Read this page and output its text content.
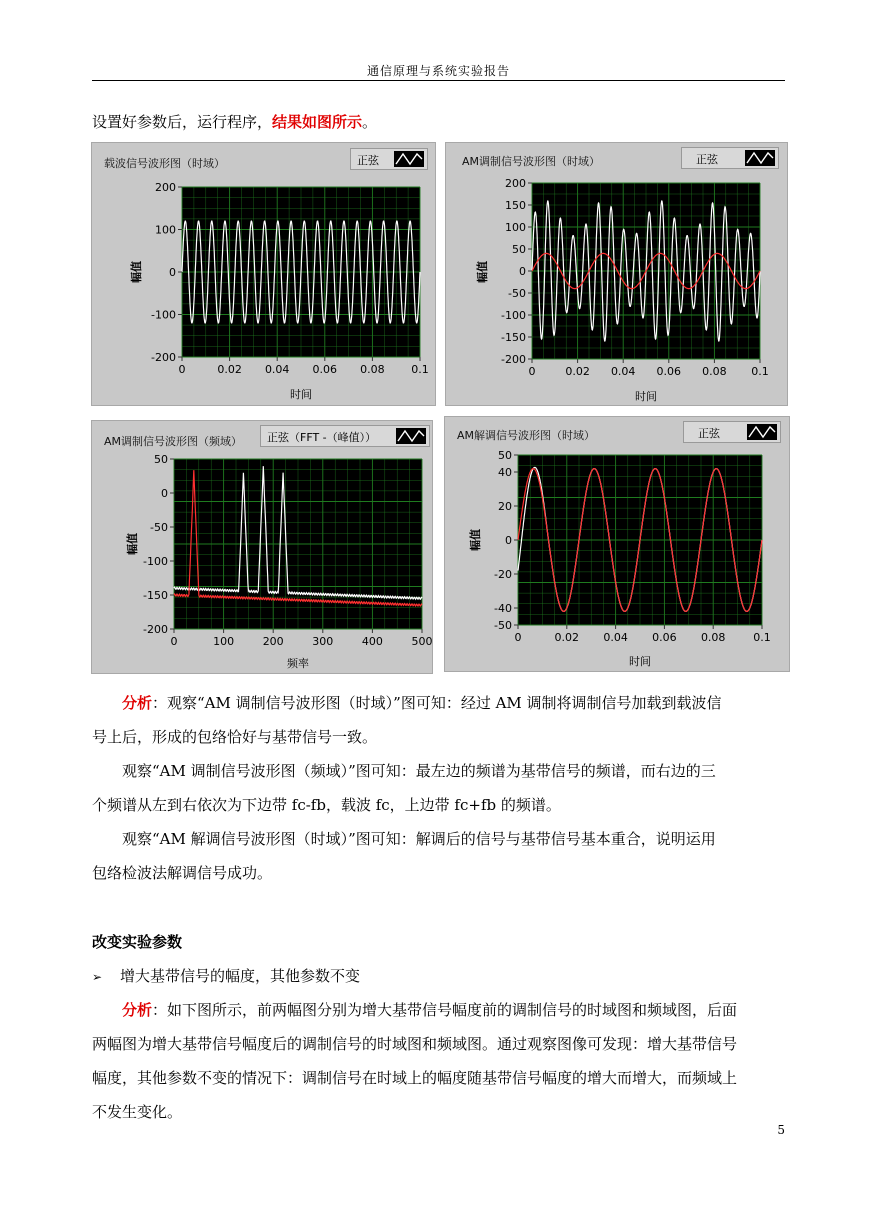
通信原理与系统实验报告
设置好参数后，运行程序，结果如图所示。
载波信号波形图（时域）	正弦
200
100
0
-100
-200
0	0.02 0.04 0.06 0.08 0.1
幅值
时间
AM调制信号波形图（时域）	正弦
200
150
100
50
0
-50
-100
-150
-200
0	0.02 0.04 0.06 0.08 0.1
幅值
时间
AM调制信号波形图（频域） 正弦（FFT -（峰值））
50
0
-50
-100
-150
-200
0	100	200	300	400	500
幅值
频率
AM解调信号波形图（时域）	正弦
50
40
20
0
-20
-40
-50
0	0.02 0.04 0.06 0.08	0.1
幅值
时间
分析：观察“AM 调制信号波形图（时域）”图可知：经过 AM 调制将调制信号加载到载波信
号上后，形成的包络恰好与基带信号一致。
观察“AM 调制信号波形图（频域）”图可知：最左边的频谱为基带信号的频谱，而右边的三
个频谱从左到右依次为下边带 fc-fb，载波 fc，上边带 fc+fb 的频谱。
观察“AM 解调信号波形图（时域）”图可知：解调后的信号与基带信号基本重合，说明运用
包络检波法解调信号成功。
改变实验参数
➢ 增大基带信号的幅度，其他参数不变
分析：如下图所示，前两幅图分别为增大基带信号幅度前的调制信号的时域图和频域图，后面
两幅图为增大基带信号幅度后的调制信号的时域图和频域图。通过观察图像可发现：增大基带信号
幅度，其他参数不变的情况下：调制信号在时域上的幅度随基带信号幅度的增大而增大，而频域上
不发生变化。
5
